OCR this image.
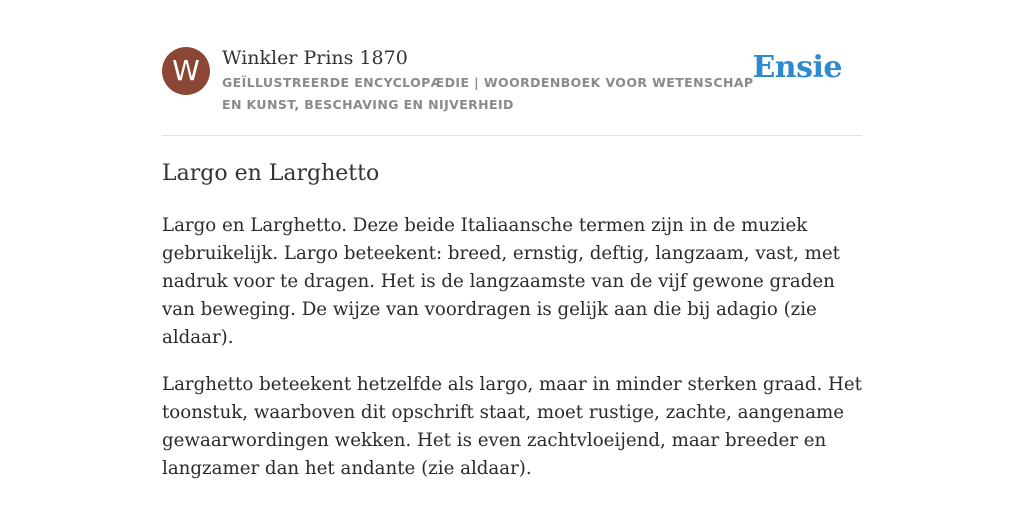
W	Winkler Prins 1870
GEÏLLUSTREERDE ENCYCLOPÆDIE | WOORDENBOEK VOOR WETENSCHAP EN KUNST, BESCHAVING EN NIJVERHEID
Ensie
Largo en Larghetto

Largo en Larghetto. Deze beide Italiaansche termen zijn in de muziek gebruikelijk. Largo beteekent: breed, ernstig, deftig, langzaam, vast, met nadruk voor te dragen. Het is de langzaamste van de vijf gewone graden van beweging. De wijze van voordragen is gelijk aan die bij adagio (zie aldaar).

Larghetto beteekent hetzelfde als largo, maar in minder sterken graad. Het toonstuk, waarboven dit opschrift staat, moet rustige, zachte, aangename gewaarwordingen wekken. Het is even zachtvloeijend, maar breeder en langzamer dan het andante (zie aldaar).
